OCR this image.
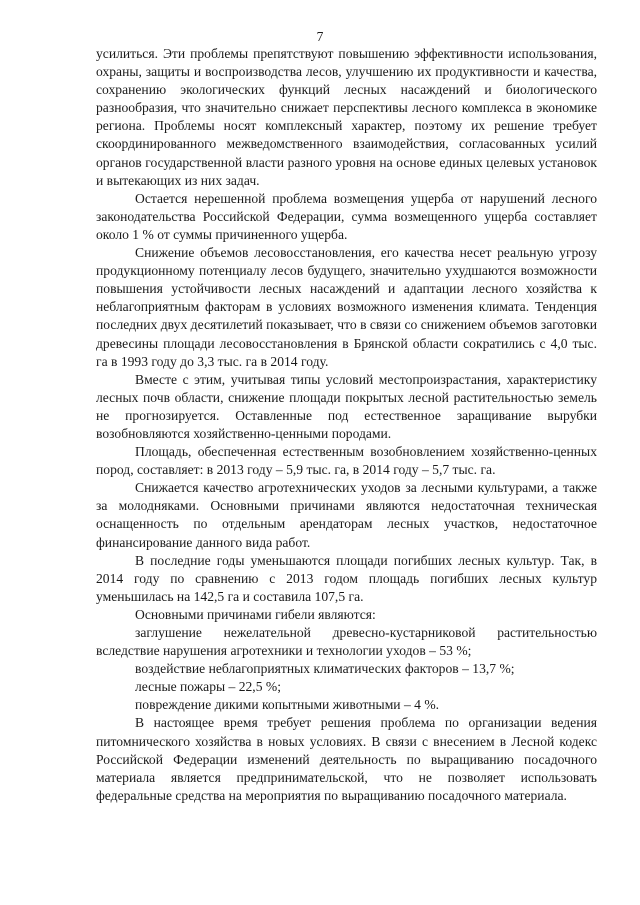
7

усилиться. Эти проблемы препятствуют повышению эффективности использования, охраны, защиты и воспроизводства лесов, улучшению их продуктивности и качества, сохранению экологических функций лесных насаждений и биологического разнообразия, что значительно снижает перспективы лесного комплекса в экономике региона. Проблемы носят комплексный характер, поэтому их решение требует скоординированного межведомственного взаимодействия, согласованных усилий органов государственной власти разного уровня на основе единых целевых установок и вытекающих из них задач.

Остается нерешенной проблема возмещения ущерба от нарушений лесного законодательства Российской Федерации, сумма возмещенного ущерба составляет около 1 % от суммы причиненного ущерба.

Снижение объемов лесовосстановления, его качества несет реальную угрозу продукционному потенциалу лесов будущего, значительно ухудшаются возможности повышения устойчивости лесных насаждений и адаптации лесного хозяйства к неблагоприятным факторам в условиях возможного изменения климата. Тенденция последних двух десятилетий показывает, что в связи со снижением объемов заготовки древесины площади лесовосстановления в Брянской области сократились с 4,0 тыс. га в 1993 году до 3,3 тыс. га в 2014 году.

Вместе с этим, учитывая типы условий местопроизрастания, характеристику лесных почв области, снижение площади покрытых лесной растительностью земель не прогнозируется. Оставленные под естественное заращивание вырубки возобновляются хозяйственно-ценными породами.

Площадь, обеспеченная естественным возобновлением хозяйственно-ценных пород, составляет: в 2013 году – 5,9 тыс. га, в 2014 году – 5,7 тыс. га.

Снижается качество агротехнических уходов за лесными культурами, а также за молодняками. Основными причинами являются недостаточная техническая оснащенность по отдельным арендаторам лесных участков, недостаточное финансирование данного вида работ.

В последние годы уменьшаются площади погибших лесных культур. Так, в 2014 году по сравнению с 2013 годом площадь погибших лесных культур уменьшилась на 142,5 га и составила 107,5 га.

Основными причинами гибели являются:

заглушение нежелательной древесно-кустарниковой растительностью вследствие нарушения агротехники и технологии уходов – 53 %;

воздействие неблагоприятных климатических факторов – 13,7 %;

лесные пожары – 22,5 %;

повреждение дикими копытными животными – 4 %.

В настоящее время требует решения проблема по организации ведения питомнического хозяйства в новых условиях. В связи с внесением в Лесной кодекс Российской Федерации изменений деятельность по выращиванию посадочного материала является предпринимательской, что не позволяет использовать федеральные средства на мероприятия по выращиванию посадочного материала.
